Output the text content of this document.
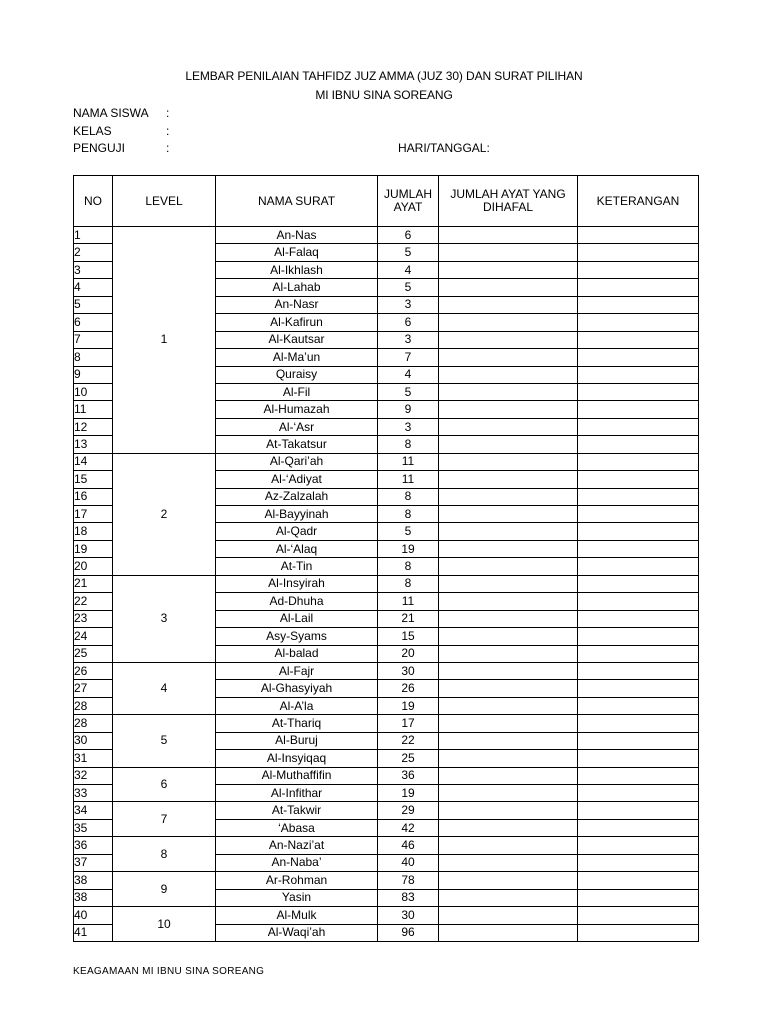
LEMBAR PENILAIAN TAHFIDZ JUZ AMMA (JUZ 30) DAN SURAT PILIHAN
MI IBNU SINA SOREANG
NAMA SISWA :
KELAS	:
PENGUJI	:	HARI/TANGGAL:
NO	LEVEL	NAMA SURAT	JUMLAH AYAT	JUMLAH AYAT YANG DIHAFAL	KETERANGAN
1	1	An-Nas	6		
2		Al-Falaq	5		
3		Al-Ikhlash	4		
4		Al-Lahab	5		
5		An-Nasr	3		
6		Al-Kafirun	6		
7		Al-Kautsar	3		
8		Al-Ma’un	7		
9		Quraisy	4		
10		Al-Fil	5		
11		Al-Humazah	9		
12		Al-‘Asr	3		
13		At-Takatsur	8		
14	2	Al-Qari’ah	11		
15		Al-‘Adiyat	11		
16		Az-Zalzalah	8		
17		Al-Bayyinah	8		
18		Al-Qadr	5		
19		Al-‘Alaq	19		
20		At-Tin	8		
21	3	Al-Insyirah	8		
22		Ad-Dhuha	11		
23		Al-Lail	21		
24		Asy-Syams	15		
25		Al-balad	20		
26	4	Al-Fajr	30		
27		Al-Ghasyiyah	26		
28		Al-A’la	19		
28	5	At-Thariq	17		
30		Al-Buruj	22		
31		Al-Insyiqaq	25		
32	6	Al-Muthaffifin	36		
33		Al-Infithar	19		
34	7	At-Takwir	29		
35		‘Abasa	42		
36	8	An-Nazi’at	46		
37		An-Naba’	40		
38	9	Ar-Rohman	78		
38		Yasin	83		
40	10	Al-Mulk	30		
41		Al-Waqi’ah	96		
KEAGAMAAN MI IBNU SINA SOREANG
